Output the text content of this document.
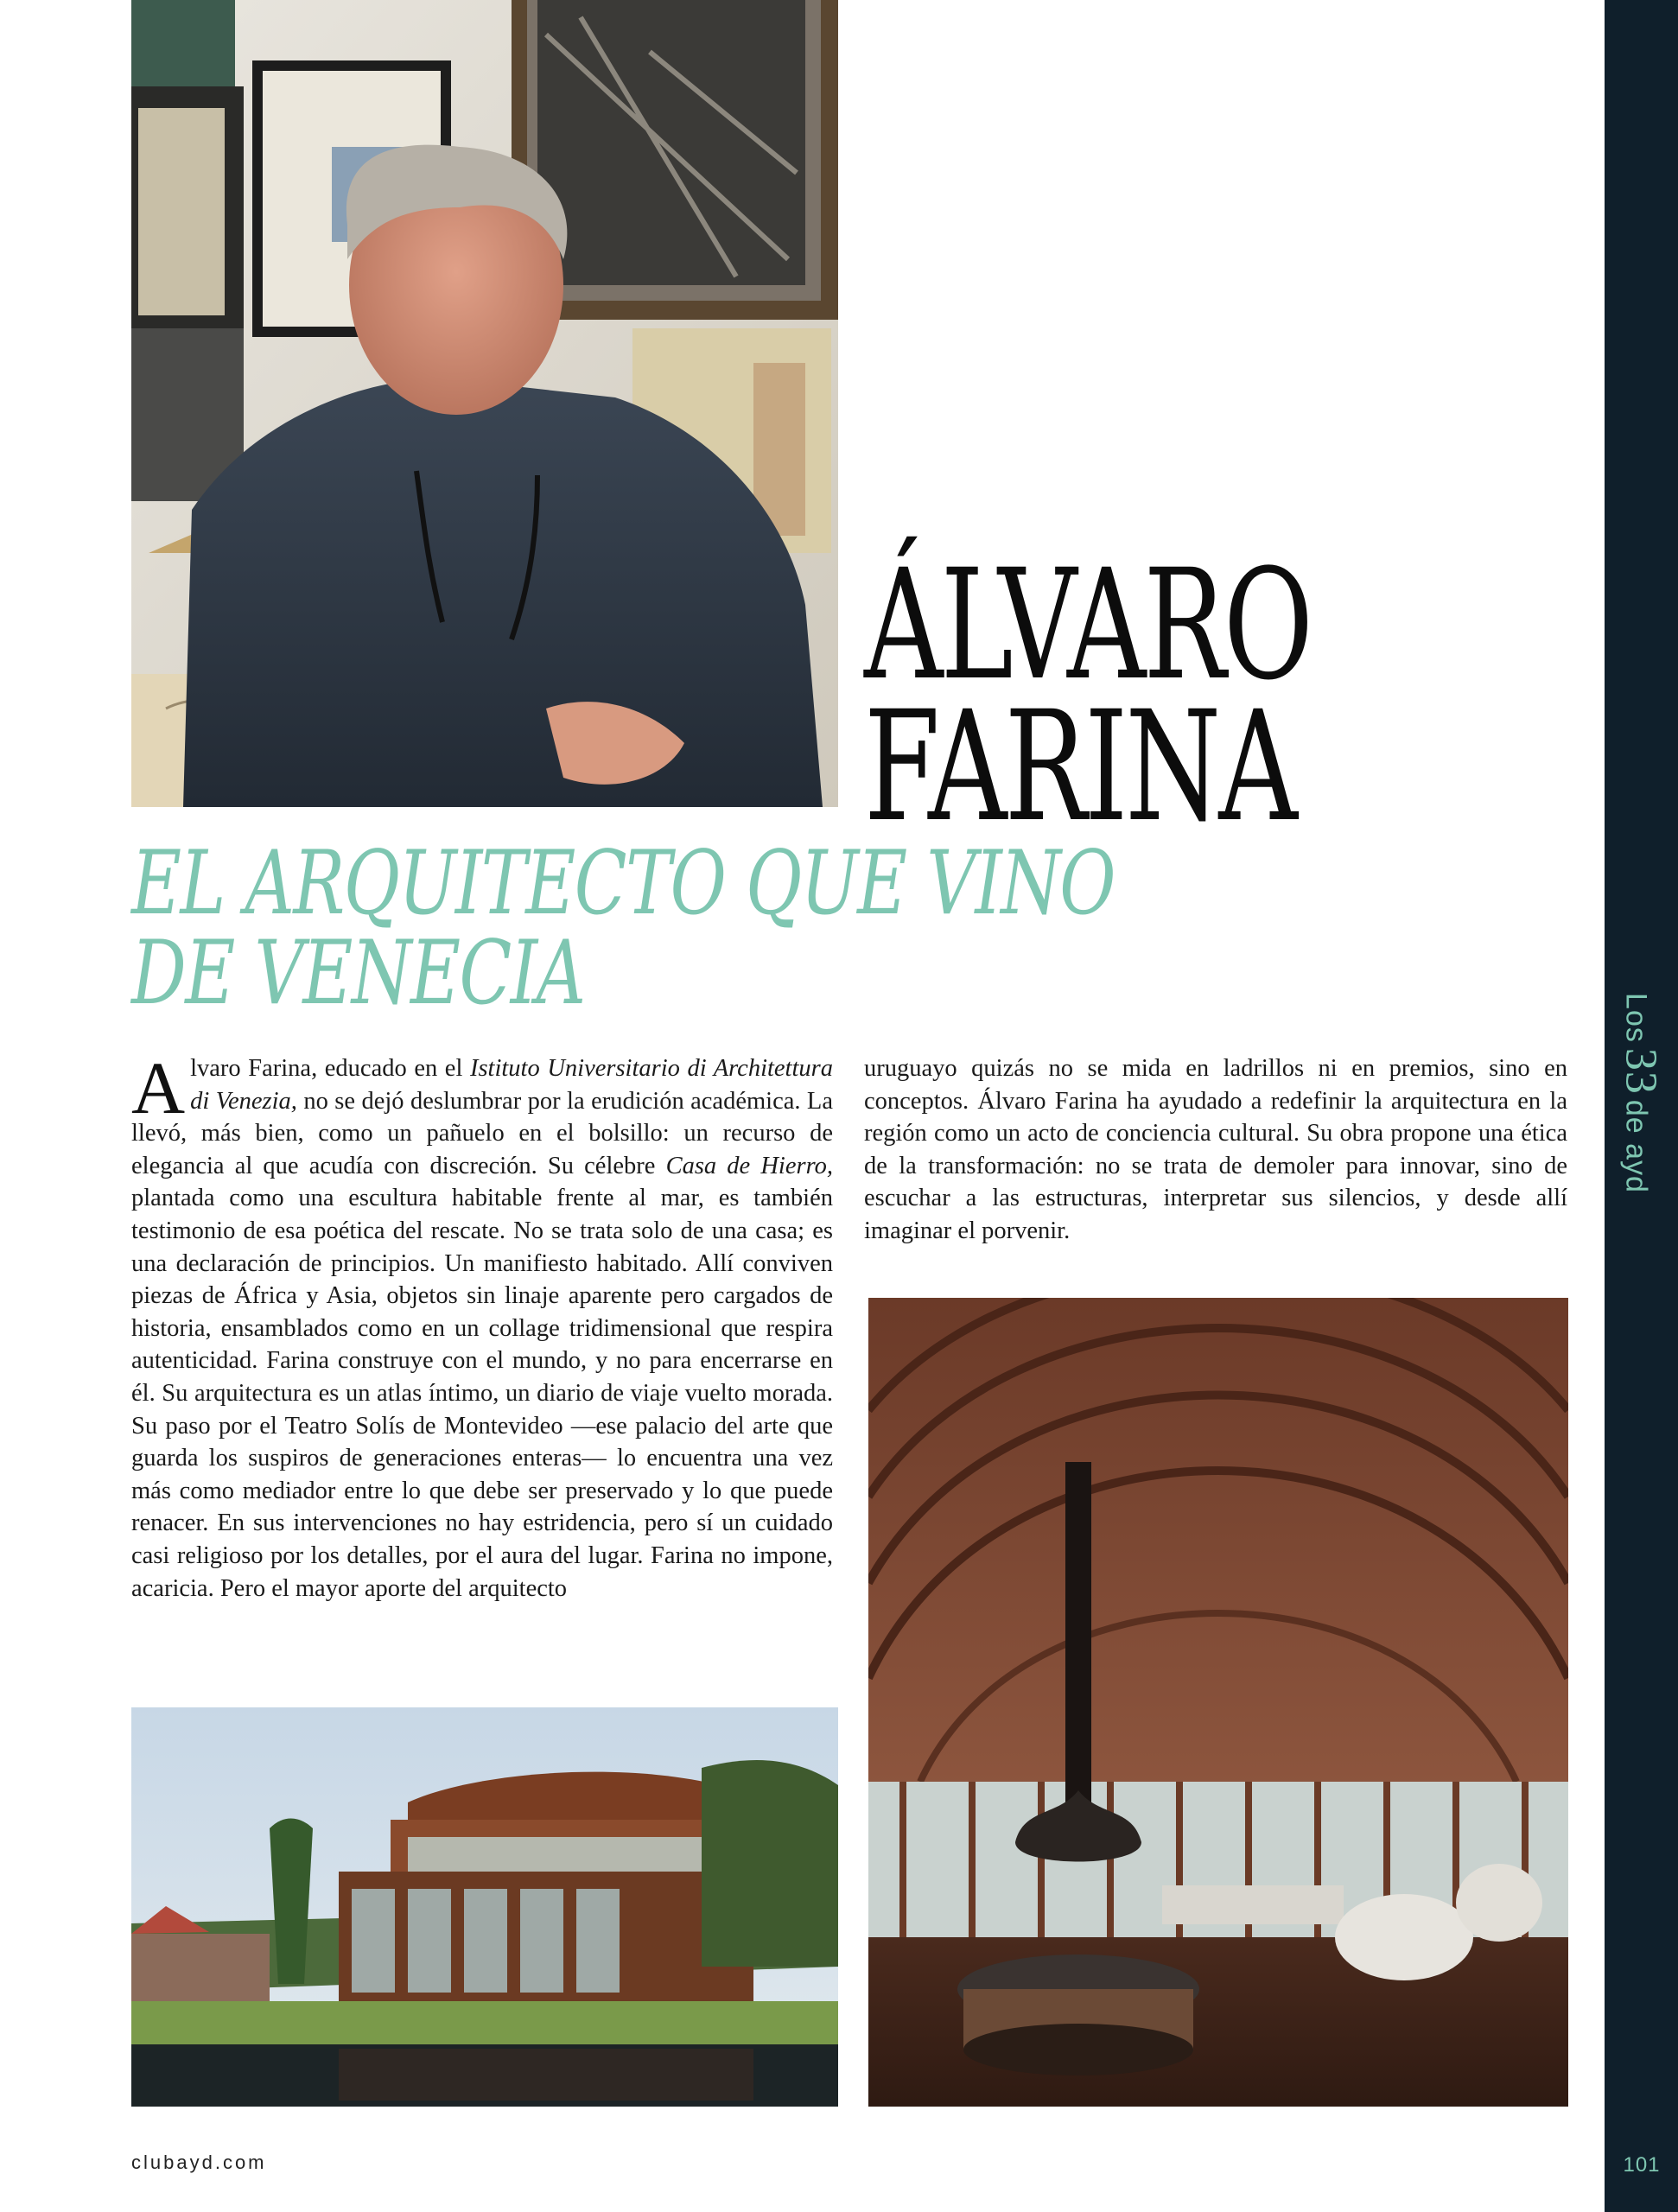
Los33de ayd
101
ÁLVARO
FARINA
EL ARQUITECTO QUE VINO
DE VENECIA

Alvaro Farina, educado en el Istituto Universitario di Architettura di Venezia, no se dejó deslumbrar por la erudición académica. La llevó, más bien, como un pañuelo en el bolsillo: un recurso de elegancia al que acudía con discreción. Su célebre Casa de Hierro, plantada como una escultura habitable frente al mar, es también testimonio de esa poética del rescate. No se trata solo de una casa; es una declaración de principios. Un manifiesto habitado. Allí conviven piezas de África y Asia, objetos sin linaje aparente pero cargados de historia, ensamblados como en un collage tridimensional que respira autenticidad. Farina construye con el mundo, y no para encerrarse en él. Su arquitectura es un atlas íntimo, un diario de viaje vuelto morada. Su paso por el Teatro Solís de Montevideo —ese palacio del arte que guarda los suspiros de generaciones enteras— lo encuentra una vez más como mediador entre lo que debe ser preservado y lo que puede renacer. En sus intervenciones no hay estridencia, pero sí un cuidado casi religioso por los detalles, por el aura del lugar. Farina no impone, acaricia. Pero el mayor aporte del arquitecto

uruguayo quizás no se mida en ladrillos ni en premios, sino en conceptos. Álvaro Farina ha ayudado a redefinir la arquitectura en la región como un acto de conciencia cultural. Su obra propone una ética de la transformación: no se trata de demoler para innovar, sino de escuchar a las estructuras, interpretar sus silencios, y desde allí imaginar el porvenir.

clubayd.com
